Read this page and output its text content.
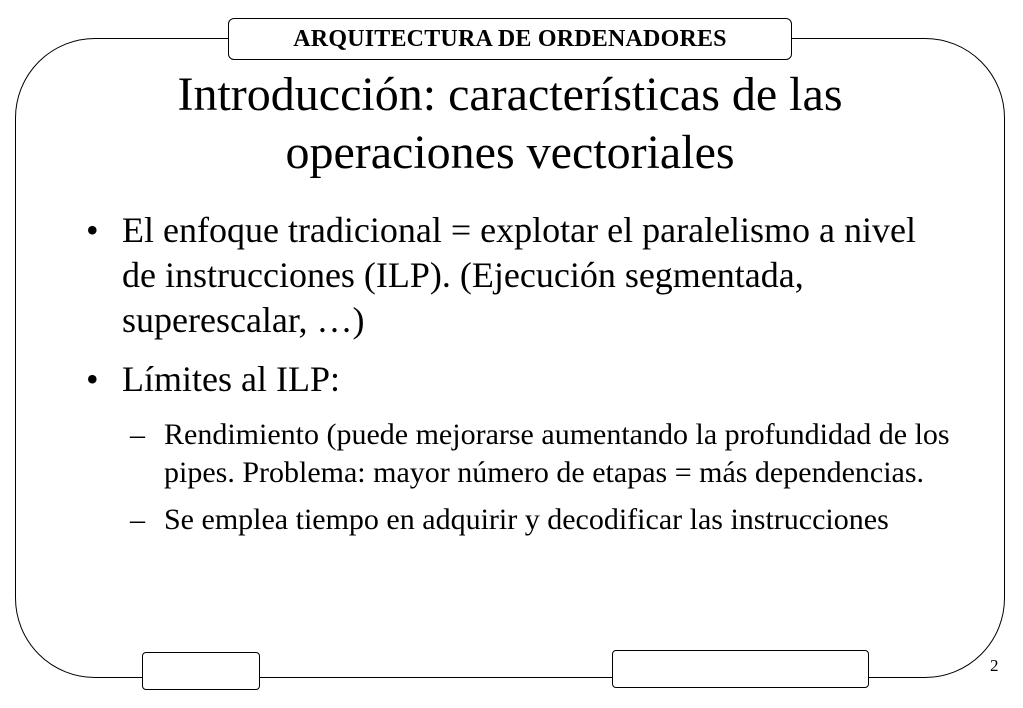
ARQUITECTURA DE ORDENADORES
Introducción: características de las
operaciones vectoriales
• El enfoque tradicional = explotar el paralelismo a nivel de instrucciones (ILP). (Ejecución segmentada, superescalar, …)
• Límites al ILP:
– Rendimiento (puede mejorarse aumentando la profundidad de los pipes. Problema: mayor número de etapas = más dependencias.
– Se emplea tiempo en adquirir y decodificar las instrucciones
2
